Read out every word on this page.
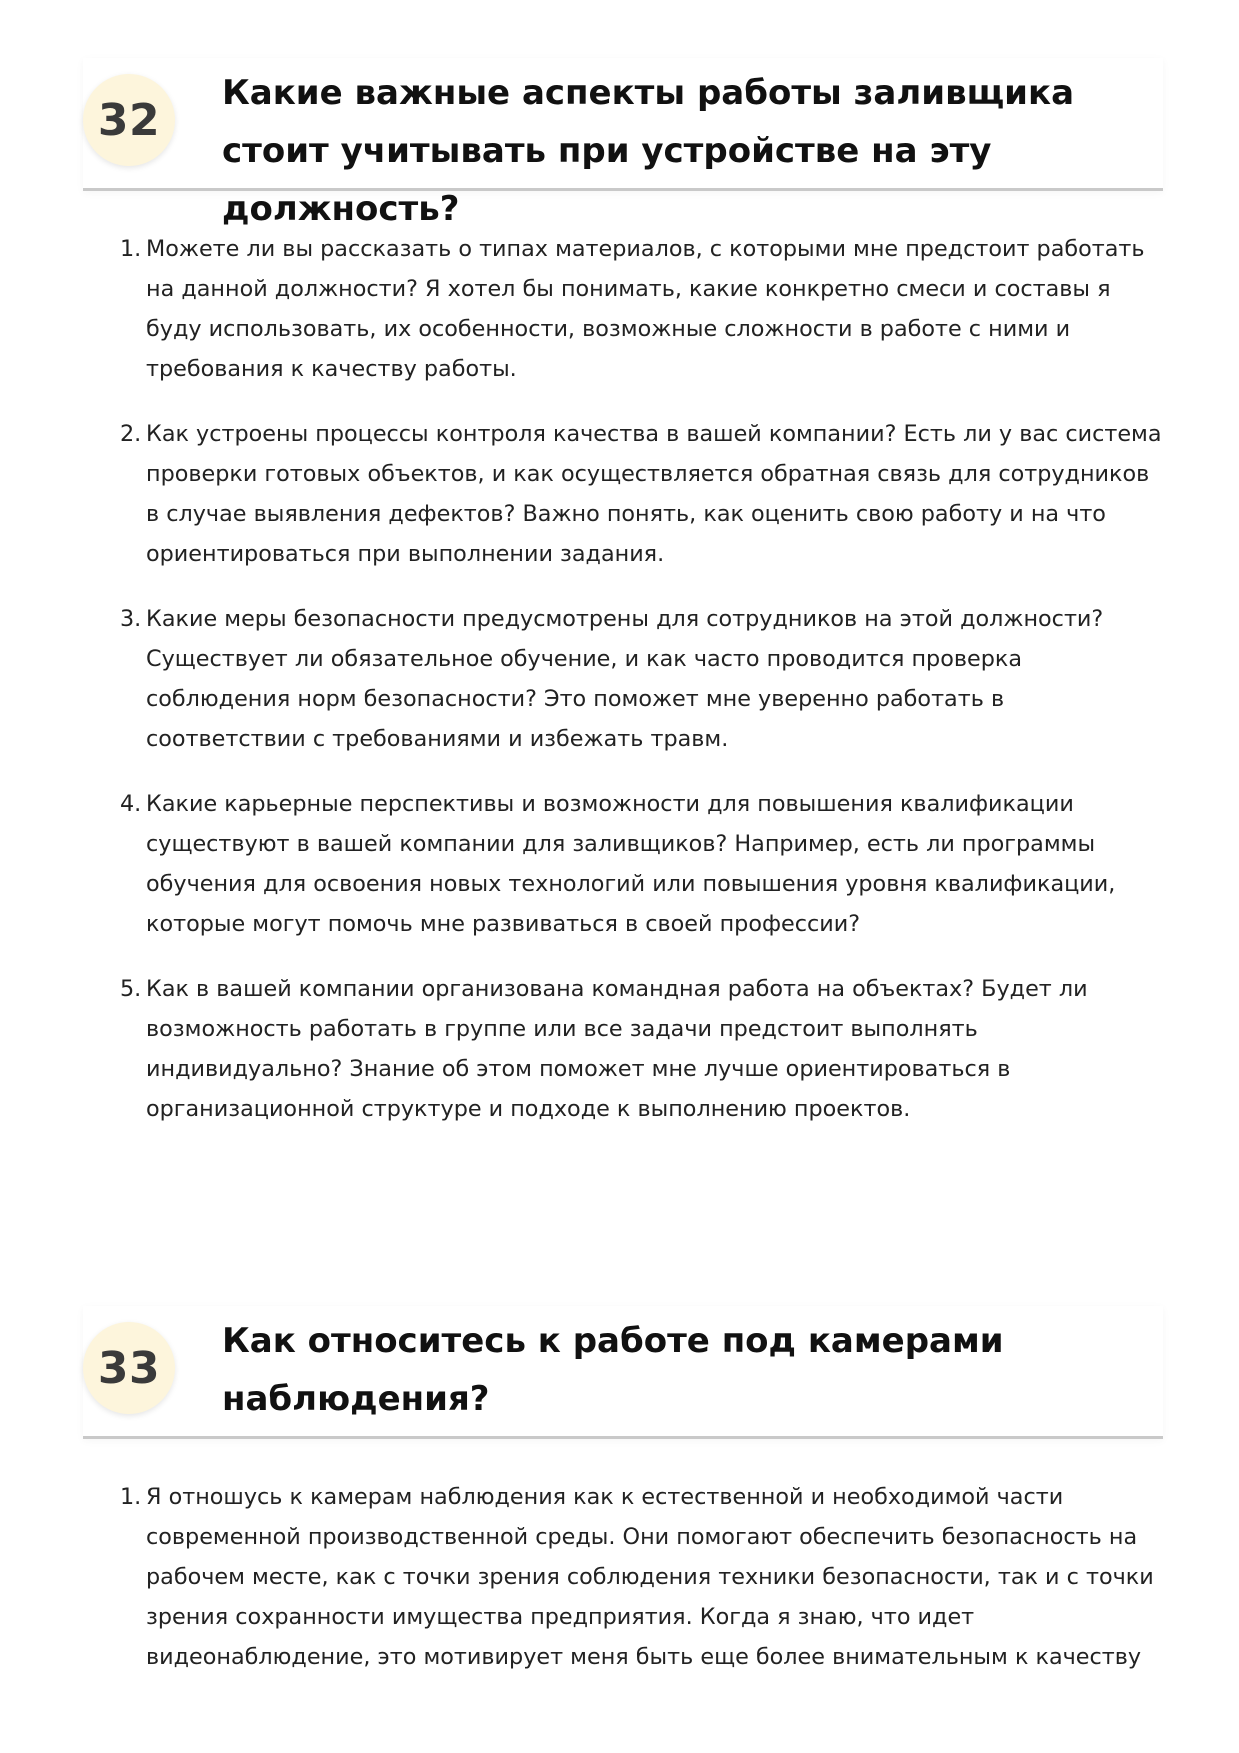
32
Какие важные аспекты работы заливщика стоит учитывать при устройстве на эту должность?
1. Можете ли вы рассказать о типах материалов, с которыми мне предстоит работать на данной должности? Я хотел бы понимать, какие конкретно смеси и составы я буду использовать, их особенности, возможные сложности в работе с ними и требования к качеству работы.
2. Как устроены процессы контроля качества в вашей компании? Есть ли у вас система проверки готовых объектов, и как осуществляется обратная связь для сотрудников в случае выявления дефектов? Важно понять, как оценить свою работу и на что ориентироваться при выполнении задания.
3. Какие меры безопасности предусмотрены для сотрудников на этой должности? Существует ли обязательное обучение, и как часто проводится проверка соблюдения норм безопасности? Это поможет мне уверенно работать в соответствии с требованиями и избежать травм.
4. Какие карьерные перспективы и возможности для повышения квалификации существуют в вашей компании для заливщиков? Например, есть ли программы обучения для освоения новых технологий или повышения уровня квалификации, которые могут помочь мне развиваться в своей профессии?
5. Как в вашей компании организована командная работа на объектах? Будет ли возможность работать в группе или все задачи предстоит выполнять индивидуально? Знание об этом поможет мне лучше ориентироваться в организационной структуре и подходе к выполнению проектов.
33
Как относитесь к работе под камерами наблюдения?
1. Я отношусь к камерам наблюдения как к естественной и необходимой части современной производственной среды. Они помогают обеспечить безопасность на рабочем месте, как с точки зрения соблюдения техники безопасности, так и с точки зрения сохранности имущества предприятия. Когда я знаю, что идет видеонаблюдение, это мотивирует меня быть еще более внимательным к качеству
